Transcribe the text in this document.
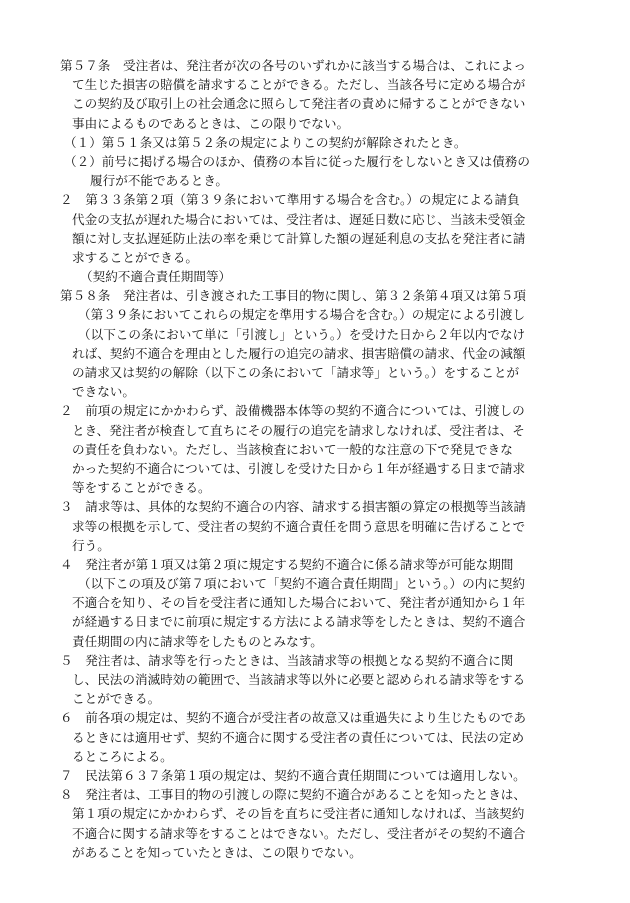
第５７条　受注者は、発注者が次の各号のいずれかに該当する場合は、これによっ
て生じた損害の賠償を請求することができる。ただし、当該各号に定める場合が
この契約及び取引上の社会通念に照らして発注者の責めに帰することができない
事由によるものであるときは、この限りでない。
（１）第５１条又は第５２条の規定によりこの契約が解除されたとき。
（２）前号に掲げる場合のほか、債務の本旨に従った履行をしないとき又は債務の
履行が不能であるとき。
２　第３３条第２項（第３９条において準用する場合を含む。）の規定による請負
代金の支払が遅れた場合においては、受注者は、遅延日数に応じ、当該未受領金
額に対し支払遅延防止法の率を乗じて計算した額の遅延利息の支払を発注者に請
求することができる。
（契約不適合責任期間等）
第５８条　発注者は、引き渡された工事目的物に関し、第３２条第４項又は第５項
（第３９条においてこれらの規定を準用する場合を含む。）の規定による引渡し
（以下この条において単に「引渡し」という。）を受けた日から２年以内でなけ
れば、契約不適合を理由とした履行の追完の請求、損害賠償の請求、代金の減額
の請求又は契約の解除（以下この条において「請求等」という。）をすることが
できない。
２　前項の規定にかかわらず、設備機器本体等の契約不適合については、引渡しの
とき、発注者が検査して直ちにその履行の追完を請求しなければ、受注者は、そ
の責任を負わない。ただし、当該検査において一般的な注意の下で発見できな
かった契約不適合については、引渡しを受けた日から１年が経過する日まで請求
等をすることができる。
３　請求等は、具体的な契約不適合の内容、請求する損害額の算定の根拠等当該請
求等の根拠を示して、受注者の契約不適合責任を問う意思を明確に告げることで
行う。
４　発注者が第１項又は第２項に規定する契約不適合に係る請求等が可能な期間
（以下この項及び第７項において「契約不適合責任期間」という。）の内に契約
不適合を知り、その旨を受注者に通知した場合において、発注者が通知から１年
が経過する日までに前項に規定する方法による請求等をしたときは、契約不適合
責任期間の内に請求等をしたものとみなす。
５　発注者は、請求等を行ったときは、当該請求等の根拠となる契約不適合に関
し、民法の消滅時効の範囲で、当該請求等以外に必要と認められる請求等をする
ことができる。
６　前各項の規定は、契約不適合が受注者の故意又は重過失により生じたものであ
るときには適用せず、契約不適合に関する受注者の責任については、民法の定め
るところによる。
７　民法第６３７条第１項の規定は、契約不適合責任期間については適用しない。
８　発注者は、工事目的物の引渡しの際に契約不適合があることを知ったときは、
第１項の規定にかかわらず、その旨を直ちに受注者に通知しなければ、当該契約
不適合に関する請求等をすることはできない。ただし、受注者がその契約不適合
があることを知っていたときは、この限りでない。
